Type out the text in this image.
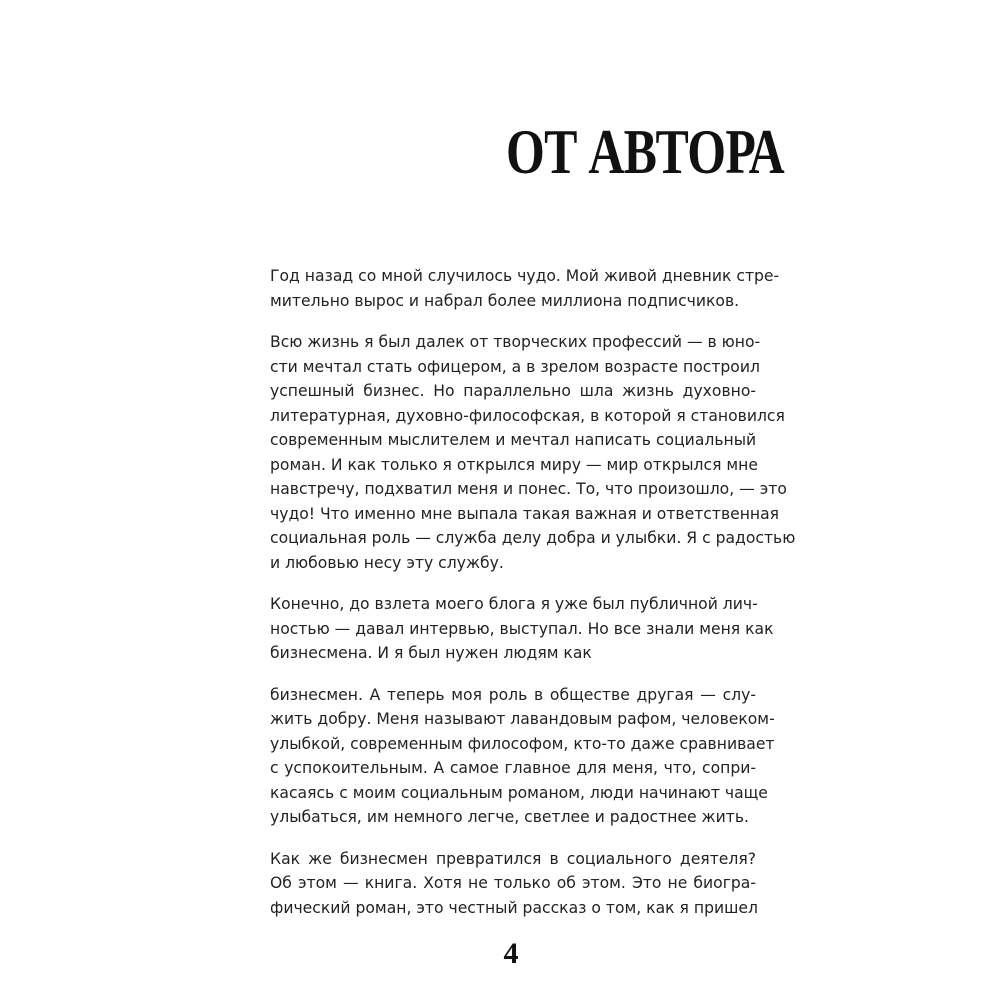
ОТ АВТОРА
Год назад со мной случилось чудо. Мой живой дневник стре-
мительно вырос и набрал более миллиона подписчиков.
Всю жизнь я был далек от творческих профессий — в юно-
сти мечтал стать офицером, а в зрелом возрасте построил
успешный бизнес. Но параллельно шла жизнь духовно-
литературная, духовно-философская, в которой я становился
современным мыслителем и мечтал написать социальный
роман. И как только я открылся миру — мир открылся мне
навстречу, подхватил меня и понес. То, что произошло, — это
чудо! Что именно мне выпала такая важная и ответственная
социальная роль — служба делу добра и улыбки. Я с радостью
и любовью несу эту службу.
Конечно, до взлета моего блога я уже был публичной лич-
ностью — давал интервью, выступал. Но все знали меня как
бизнесмена. И я был нужен людям как
бизнесмен. А теперь моя роль в обществе другая — слу-
жить добру. Меня называют лавандовым рафом, человеком-
улыбкой, современным философом, кто-то даже сравнивает
с успокоительным. А самое главное для меня, что, сопри-
касаясь с моим социальным романом, люди начинают чаще
улыбаться, им немного легче, светлее и радостнее жить.
Как же бизнесмен превратился в социального деятеля?
Об этом — книга. Хотя не только об этом. Это не биогра-
фический роман, это честный рассказ о том, как я пришел
4
